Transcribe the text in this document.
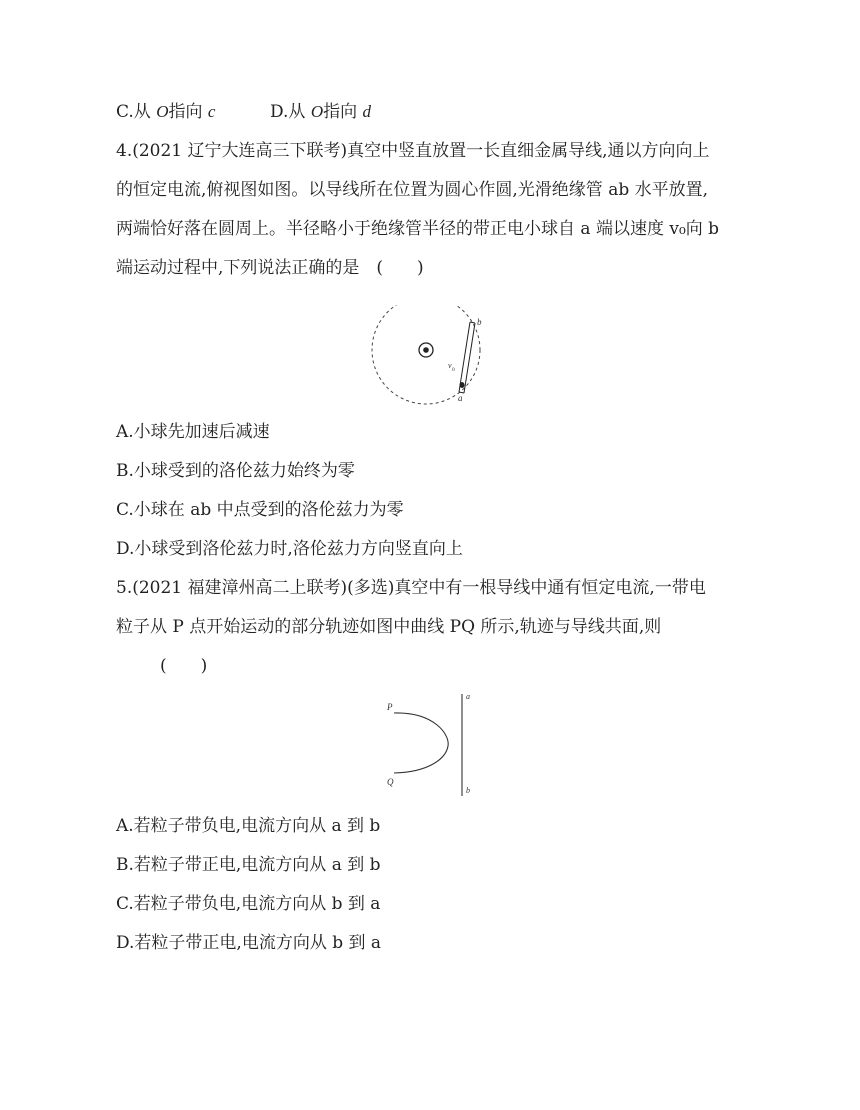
C.从 O指向 c	D.从 O指向 d
4.(2021 辽宁大连高三下联考)真空中竖直放置一长直细金属导线,通以方向向上
的恒定电流,俯视图如图。以导线所在位置为圆心作圆,光滑绝缘管 ab 水平放置,
两端恰好落在圆周上。半径略小于绝缘管半径的带正电小球自 a 端以速度 v₀向 b
端运动过程中,下列说法正确的是　(　　)
b
a
v 0
A.小球先加速后减速
B.小球受到的洛伦兹力始终为零
C.小球在 ab 中点受到的洛伦兹力为零
D.小球受到洛伦兹力时,洛伦兹力方向竖直向上
5.(2021 福建漳州高二上联考)(多选)真空中有一根导线中通有恒定电流,一带电
粒子从 P 点开始运动的部分轨迹如图中曲线 PQ 所示,轨迹与导线共面,则
(　　)
P
Q
a
b
A.若粒子带负电,电流方向从 a 到 b
B.若粒子带正电,电流方向从 a 到 b
C.若粒子带负电,电流方向从 b 到 a
D.若粒子带正电,电流方向从 b 到 a
